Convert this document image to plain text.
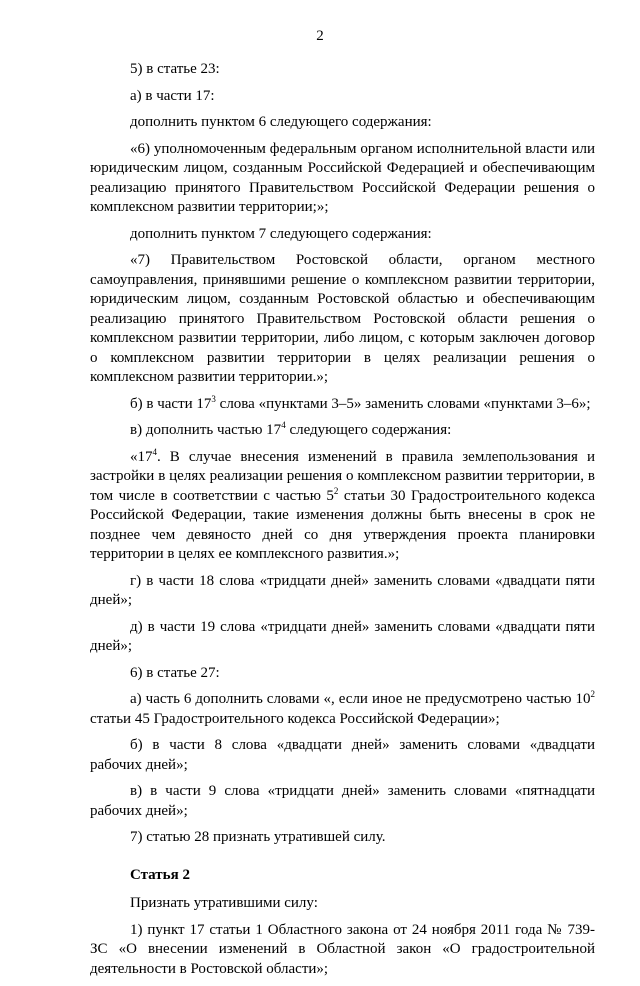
2

5) в статье 23:

а) в части 17:

дополнить пунктом 6 следующего содержания:

«6) уполномоченным федеральным органом исполнительной власти или юридическим лицом, созданным Российской Федерацией и обеспечивающим реализацию принятого Правительством Российской Федерации решения о комплексном развитии территории;»;

дополнить пунктом 7 следующего содержания:

«7) Правительством Ростовской области, органом местного самоуправления, принявшими решение о комплексном развитии территории, юридическим лицом, созданным Ростовской областью и обеспечивающим реализацию принятого Правительством Ростовской области решения о комплексном развитии территории, либо лицом, с которым заключен договор о комплексном развитии территории в целях реализации решения о комплексном развитии территории.»;

б) в части $17^3$ слова «пунктами 3–5» заменить словами «пунктами 3–6»;

в) дополнить частью $17^4$ следующего содержания:

«$17^4$. В случае внесения изменений в правила землепользования и застройки в целях реализации решения о комплексном развитии территории, в том числе в соответствии с частью $5^2$ статьи 30 Градостроительного кодекса Российской Федерации, такие изменения должны быть внесены в срок не позднее чем девяносто дней со дня утверждения проекта планировки территории в целях ее комплексного развития.»;

г) в части 18 слова «тридцати дней» заменить словами «двадцати пяти дней»;

д) в части 19 слова «тридцати дней» заменить словами «двадцати пяти дней»;

6) в статье 27:

а) часть 6 дополнить словами «, если иное не предусмотрено частью $10^2$ статьи 45 Градостроительного кодекса Российской Федерации»;

б) в части 8 слова «двадцати дней» заменить словами «двадцати рабочих дней»;

в) в части 9 слова «тридцати дней» заменить словами «пятнадцати рабочих дней»;

7) статью 28 признать утратившей силу.

Статья 2

Признать утратившими силу:

1) пункт 17 статьи 1 Областного закона от 24 ноября 2011 года № 739-ЗС «О внесении изменений в Областной закон «О градостроительной деятельности в Ростовской области»;
